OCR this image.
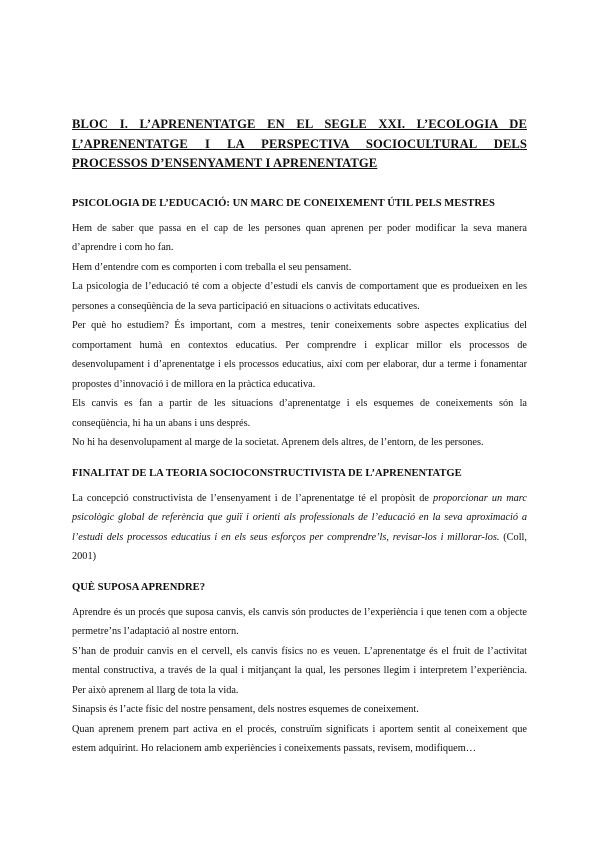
BLOC I. L’APRENENTATGE EN EL SEGLE XXI. L’ECOLOGIA DE L’APRENENTATGE I LA PERSPECTIVA SOCIOCULTURAL DELS PROCESSOS D’ENSENYAMENT I APRENENTATGE
PSICOLOGIA DE L’EDUCACIÓ: UN MARC DE CONEIXEMENT ÚTIL PELS MESTRES

Hem de saber que passa en el cap de les persones quan aprenen per poder modificar la seva manera d’aprendre i com ho fan.

Hem d’entendre com es comporten i com treballa el seu pensament.

La psicologia de l’educació té com a objecte d’estudi els canvis de comportament que es produeixen en les persones a conseqüència de la seva participació en situacions o activitats educatives.

Per què ho estudiem? És important, com a mestres, tenir coneixements sobre aspectes explicatius del comportament humà en contextos educatius. Per comprendre i explicar millor els processos de desenvolupament i d’aprenentatge i els processos educatius, així com per elaborar, dur a terme i fonamentar propostes d’innovació i de millora en la pràctica educativa.

Els canvis es fan a partir de les situacions d’aprenentatge i els esquemes de coneixements són la conseqüència, hi ha un abans i uns després.

No hi ha desenvolupament al marge de la societat. Aprenem dels altres, de l’entorn, de les persones.

FINALITAT DE LA TEORIA SOCIOCONSTRUCTIVISTA DE L’APRENENTATGE

La concepció constructivista de l’ensenyament i de l’aprenentatge té el propòsit de proporcionar un marc psicològic global de referència que guiï i orienti als professionals de l’educació en la seva aproximació a l’estudi dels processos educatius i en els seus esforços per comprendre’ls, revisar-los i millorar-los. (Coll, 2001)

QUÈ SUPOSA APRENDRE?

Aprendre és un procés que suposa canvis, els canvis són productes de l’experiència i que tenen com a objecte permetre’ns l’adaptació al nostre entorn.

S’han de produir canvis en el cervell, els canvis físics no es veuen. L’aprenentatge és el fruit de l’activitat mental constructiva, a través de la qual i mitjançant la qual, les persones llegim i interpretem l’experiència. Per això aprenem al llarg de tota la vida.

Sinapsis és l’acte físic del nostre pensament, dels nostres esquemes de coneixement.

Quan aprenem prenem part activa en el procés, construïm significats i aportem sentit al coneixement que estem adquirint. Ho relacionem amb experiències i coneixements passats, revisem, modifiquem…
